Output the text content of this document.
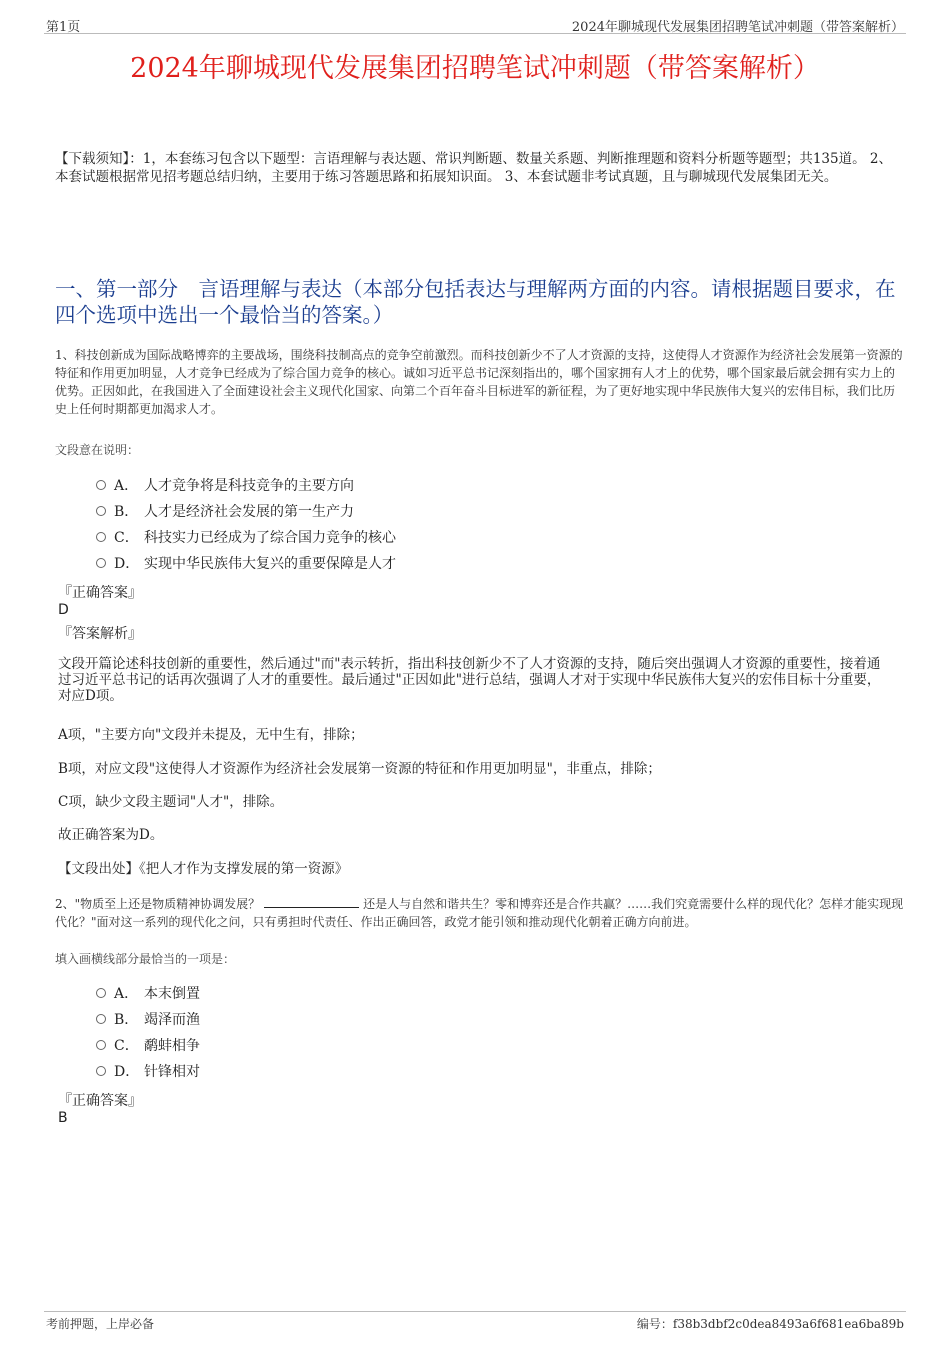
第1页	2024年聊城现代发展集团招聘笔试冲刺题（带答案解析）
2024年聊城现代发展集团招聘笔试冲刺题（带答案解析）
【下载须知】：1，本套练习包含以下题型：言语理解与表达题、常识判断题、数量关系题、判断推理题和资料分析题等题型；共135道。 2、本套试题根据常见招考题总结归纳，主要用于练习答题思路和拓展知识面。 3、本套试题非考试真题，且与聊城现代发展集团无关。
一、第一部分　言语理解与表达（本部分包括表达与理解两方面的内容。请根据题目要求，在四个选项中选出一个最恰当的答案。）
1、科技创新成为国际战略博弈的主要战场，围绕科技制高点的竞争空前激烈。而科技创新少不了人才资源的支持，这使得人才资源作为经济社会发展第一资源的特征和作用更加明显，人才竞争已经成为了综合国力竞争的核心。诚如习近平总书记深刻指出的，哪个国家拥有人才上的优势，哪个国家最后就会拥有实力上的优势。正因如此，在我国进入了全面建设社会主义现代化国家、向第二个百年奋斗目标进军的新征程，为了更好地实现中华民族伟大复兴的宏伟目标，我们比历史上任何时期都更加渴求人才。
文段意在说明：
A． 人才竞争将是科技竞争的主要方向
B． 人才是经济社会发展的第一生产力
C． 科技实力已经成为了综合国力竞争的核心
D． 实现中华民族伟大复兴的重要保障是人才
『正确答案』
D
『答案解析』
文段开篇论述科技创新的重要性，然后通过"而"表示转折，指出科技创新少不了人才资源的支持，随后突出强调人才资源的重要性，接着通过习近平总书记的话再次强调了人才的重要性。最后通过"正因如此"进行总结，强调人才对于实现中华民族伟大复兴的宏伟目标十分重要，对应D项。
A项，"主要方向"文段并未提及，无中生有，排除；
B项，对应文段"这使得人才资源作为经济社会发展第一资源的特征和作用更加明显"，非重点，排除；
C项，缺少文段主题词"人才"，排除。
故正确答案为D。
【文段出处】《把人才作为支撑发展的第一资源》
2、"物质至上还是物质精神协调发展？	还是人与自然和谐共生？零和博弈还是合作共赢？……我们究竟需要什么样的现代化？怎样才能实现现代化？"面对这一系列的现代化之问，只有勇担时代责任、作出正确回答，政党才能引领和推动现代化朝着正确方向前进。
填入画横线部分最恰当的一项是：
A． 本末倒置
B． 竭泽而渔
C． 鹬蚌相争
D． 针锋相对
『正确答案』
B
考前押题，上岸必备	编号：f38b3dbf2c0dea8493a6f681ea6ba89b
